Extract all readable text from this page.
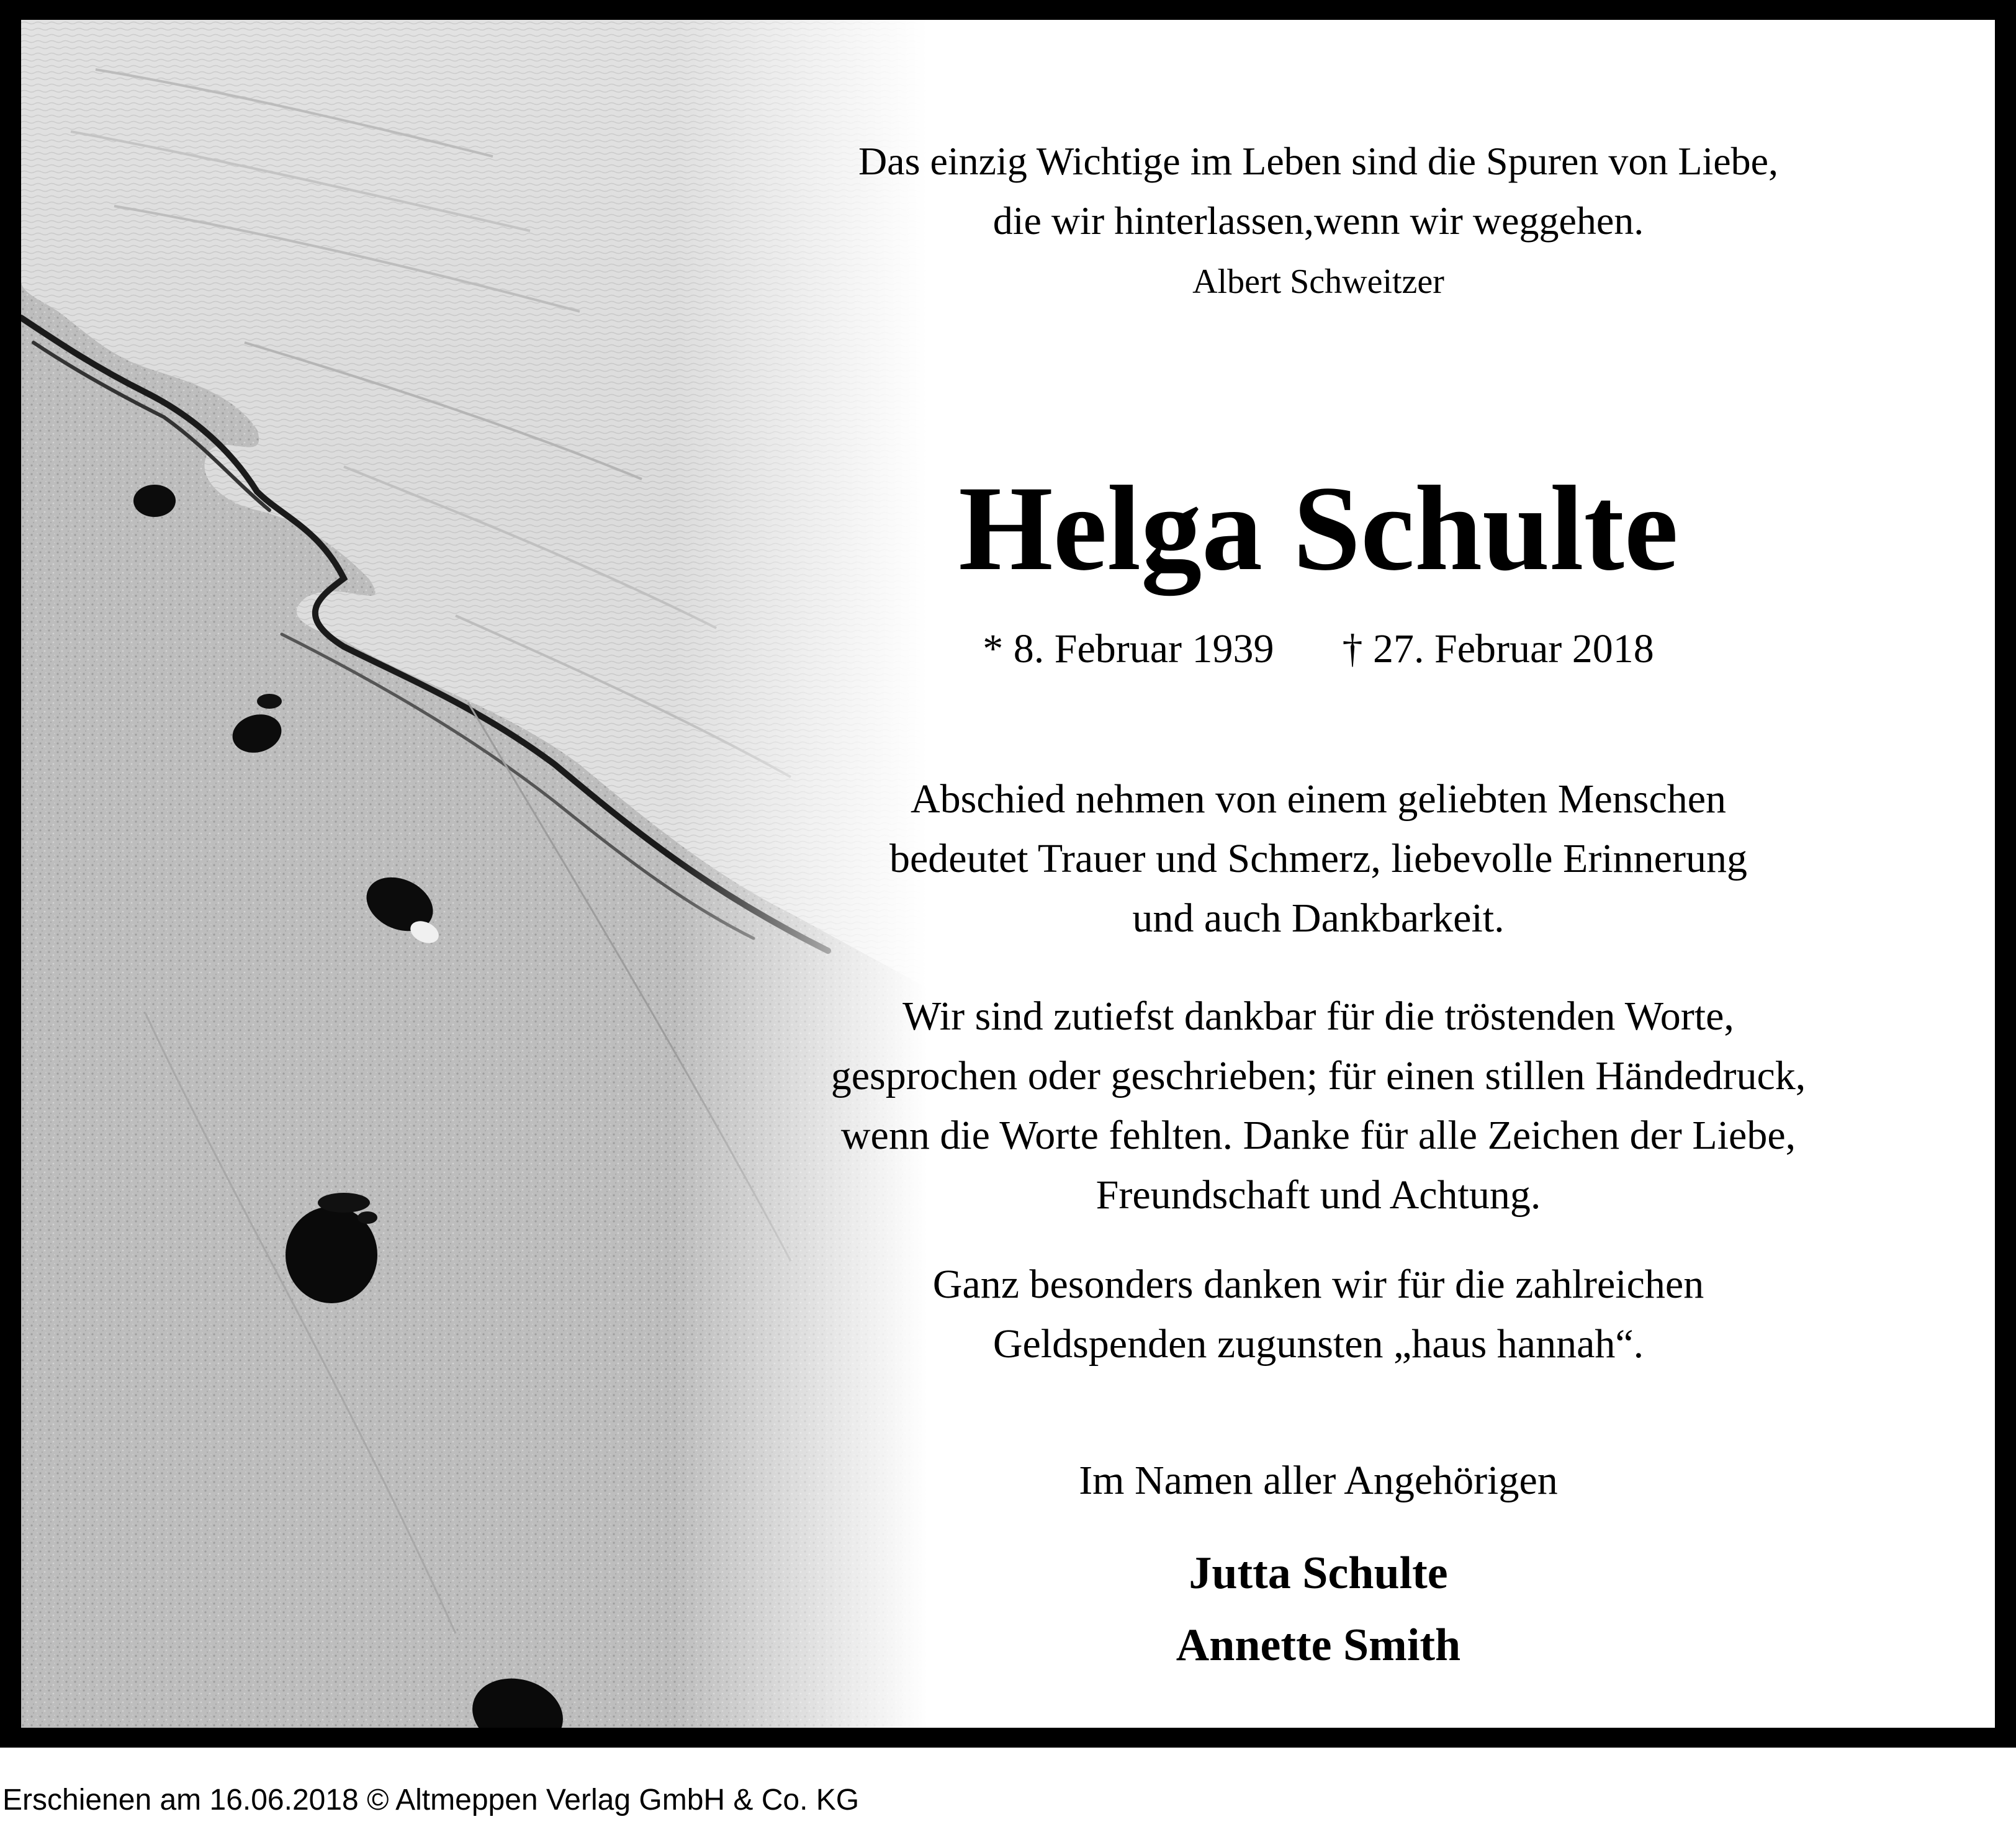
Das einzig Wichtige im Leben sind die Spuren von Liebe,
die wir hinterlassen,wenn wir weggehen.
Albert Schweitzer
Helga Schulte
* 8. Februar 1939 † 27. Februar 2018
Abschied nehmen von einem geliebten Menschen
bedeutet Trauer und Schmerz, liebevolle Erinnerung
und auch Dankbarkeit.
Wir sind zutiefst dankbar für die tröstenden Worte,
gesprochen oder geschrieben; für einen stillen Händedruck,
wenn die Worte fehlten. Danke für alle Zeichen der Liebe,
Freundschaft und Achtung.
Ganz besonders danken wir für die zahlreichen
Geldspenden zugunsten „haus hannah“.
Im Namen aller Angehörigen
Jutta Schulte
Annette Smith
Erschienen am 16.06.2018 © Altmeppen Verlag GmbH & Co. KG
